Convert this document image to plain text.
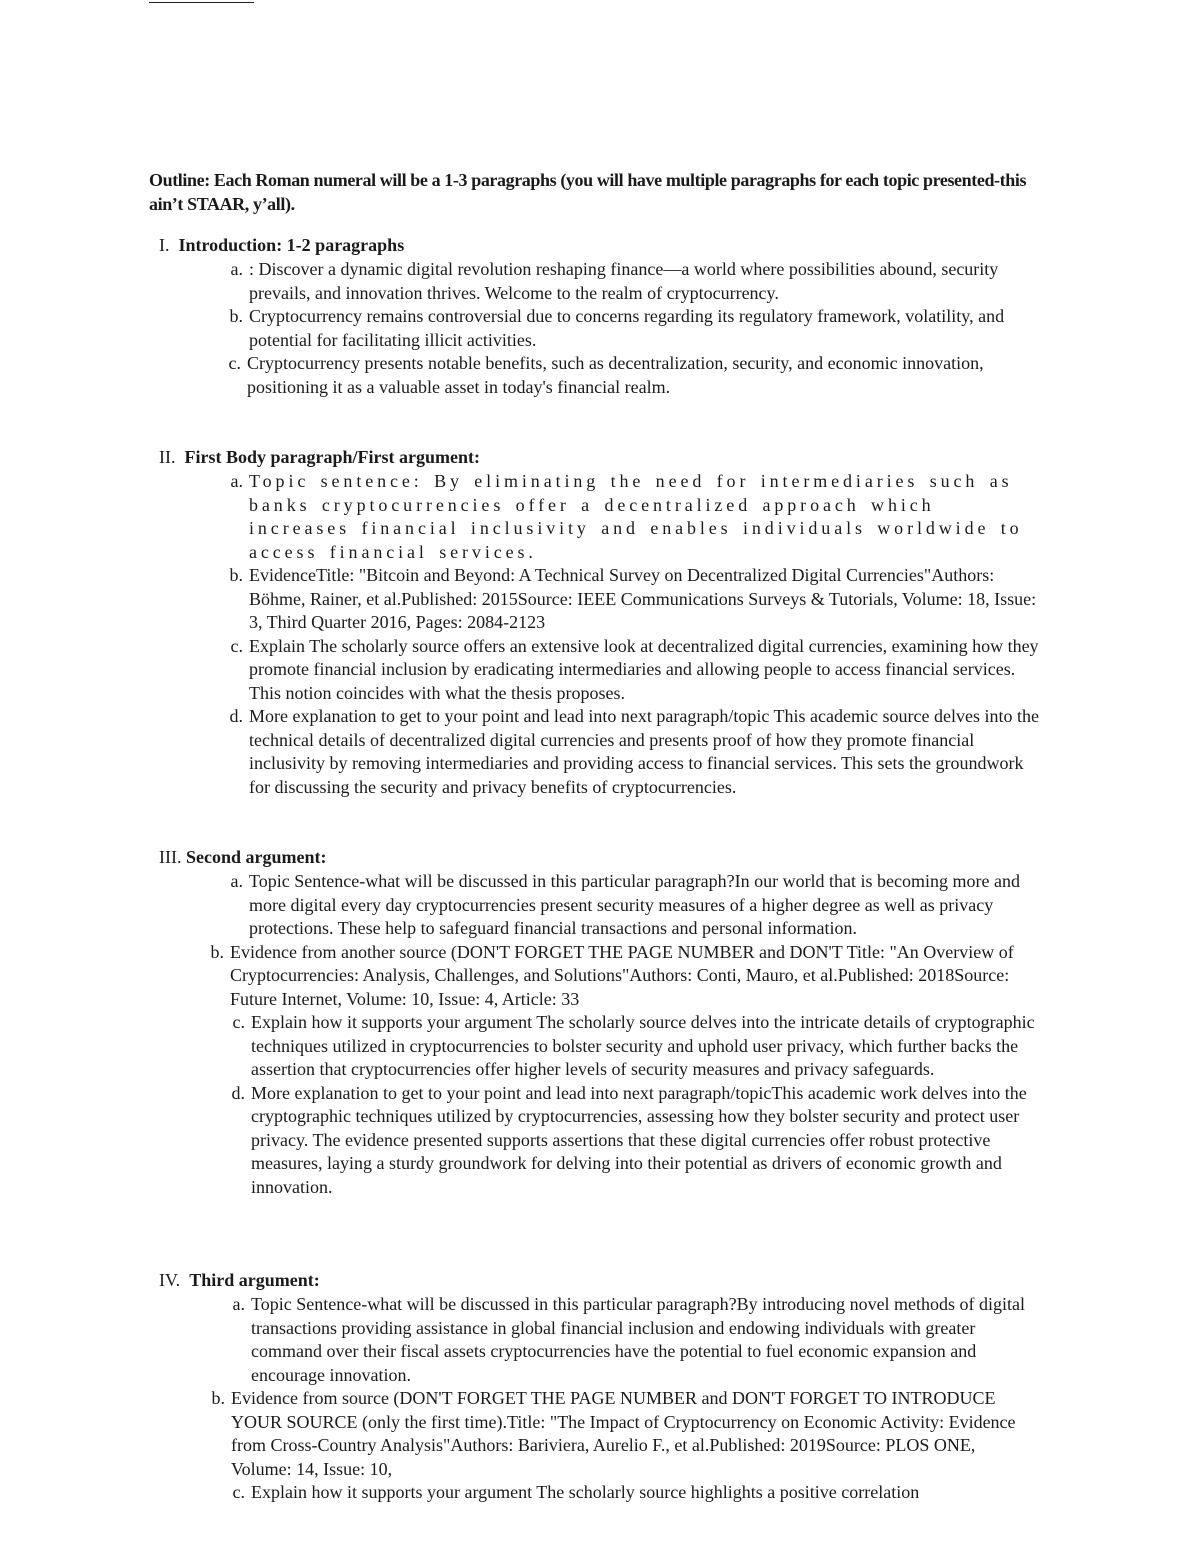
Outline: Each Roman numeral will be a 1-3 paragraphs (you will have multiple paragraphs for each topic presented-this ain’t STAAR, y’all).
I. Introduction: 1-2 paragraphs
a. : Discover a dynamic digital revolution reshaping finance—a world where possibilities abound, security prevails, and innovation thrives. Welcome to the realm of cryptocurrency.
b. Cryptocurrency remains controversial due to concerns regarding its regulatory framework, volatility, and potential for facilitating illicit activities.
c. Cryptocurrency presents notable benefits, such as decentralization, security, and economic innovation, positioning it as a valuable asset in today's financial realm.
II. First Body paragraph/First argument:
a. Topic sentence: By eliminating the need for intermediaries such as banks cryptocurrencies offer a decentralized approach which increases financial inclusivity and enables individuals worldwide to access financial services.
b. EvidenceTitle: "Bitcoin and Beyond: A Technical Survey on Decentralized Digital Currencies"Authors: Böhme, Rainer, et al.Published: 2015Source: IEEE Communications Surveys & Tutorials, Volume: 18, Issue: 3, Third Quarter 2016, Pages: 2084-2123
c. Explain The scholarly source offers an extensive look at decentralized digital currencies, examining how they promote financial inclusion by eradicating intermediaries and allowing people to access financial services. This notion coincides with what the thesis proposes.
d. More explanation to get to your point and lead into next paragraph/topic This academic source delves into the technical details of decentralized digital currencies and presents proof of how they promote financial inclusivity by removing intermediaries and providing access to financial services. This sets the groundwork for discussing the security and privacy benefits of cryptocurrencies.
III. Second argument:
a. Topic Sentence-what will be discussed in this particular paragraph?In our world that is becoming more and more digital every day cryptocurrencies present security measures of a higher degree as well as privacy protections. These help to safeguard financial transactions and personal information.
b. Evidence from another source (DON'T FORGET THE PAGE NUMBER and DON'T Title: "An Overview of Cryptocurrencies: Analysis, Challenges, and Solutions"Authors: Conti, Mauro, et al.Published: 2018Source: Future Internet, Volume: 10, Issue: 4, Article: 33
c. Explain how it supports your argument The scholarly source delves into the intricate details of cryptographic techniques utilized in cryptocurrencies to bolster security and uphold user privacy, which further backs the assertion that cryptocurrencies offer higher levels of security measures and privacy safeguards.
d. More explanation to get to your point and lead into next paragraph/topicThis academic work delves into the cryptographic techniques utilized by cryptocurrencies, assessing how they bolster security and protect user privacy. The evidence presented supports assertions that these digital currencies offer robust protective measures, laying a sturdy groundwork for delving into their potential as drivers of economic growth and innovation.
IV. Third argument:
a. Topic Sentence-what will be discussed in this particular paragraph?By introducing novel methods of digital transactions providing assistance in global financial inclusion and endowing individuals with greater command over their fiscal assets cryptocurrencies have the potential to fuel economic expansion and encourage innovation.
b. Evidence from source (DON'T FORGET THE PAGE NUMBER and DON'T FORGET TO INTRODUCE YOUR SOURCE (only the first time).Title: "The Impact of Cryptocurrency on Economic Activity: Evidence from Cross-Country Analysis"Authors: Bariviera, Aurelio F., et al.Published: 2019Source: PLOS ONE, Volume: 14, Issue: 10,
c. Explain how it supports your argument The scholarly source highlights a positive correlation
